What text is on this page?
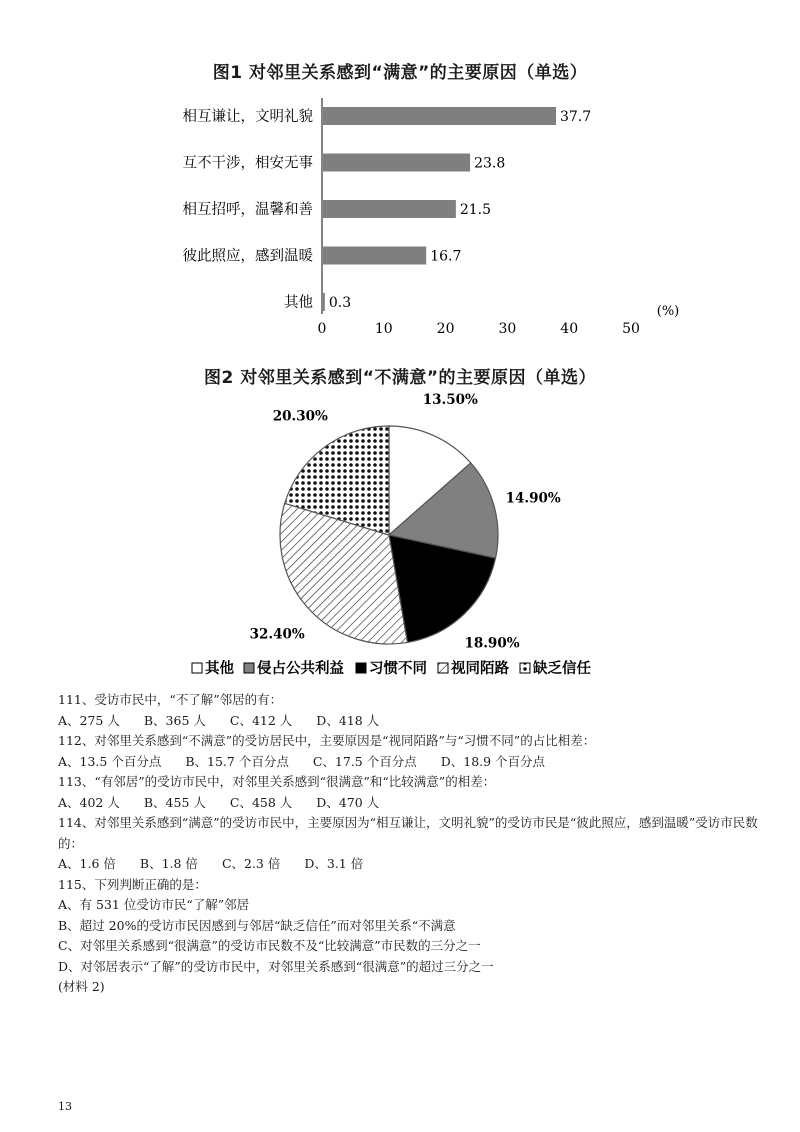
图1 对邻里关系感到“满意”的主要原因（单选）
相互谦让，文明礼貌	37.7
互不干涉，相安无事	23.8
相互招呼，温馨和善	21.5
彼此照应，感到温暖	16.7
其他 0.3
0	10	20	30	40	50
(%)
图2 对邻里关系感到“不满意”的主要原因（单选）
13.50%
14.90%
18.90%
32.40%
20.30%
其他 侵占公共利益 习惯不同 视同陌路 缺乏信任

111、受访市民中，“不了解”邻居的有：

A、275 人 B、365 人 C、412 人 D、418 人

112、对邻里关系感到“不满意”的受访居民中，主要原因是“视同陌路”与“习惯不同”的占比相差：

A、13.5 个百分点 B、15.7 个百分点 C、17.5 个百分点 D、18.9 个百分点

113、“有邻居”的受访市民中，对邻里关系感到“很满意”和“比较满意”的相差：

A、402 人 B、455 人 C、458 人 D、470 人

114、对邻里关系感到“满意”的受访市民中，主要原因为“相互谦让，文明礼貌”的受访市民是“彼此照应，感到温暖”受访市民数的：

A、1.6 倍 B、1.8 倍 C、2.3 倍 D、3.1 倍

115、下列判断正确的是：

A、有 531 位受访市民“了解”邻居

B、超过 20%的受访市民因感到与邻居“缺乏信任”而对邻里关系“不满意

C、对邻里关系感到“很满意”的受访市民数不及“比较满意”市民数的三分之一

D、对邻居表示“了解”的受访市民中，对邻里关系感到“很满意”的超过三分之一

(材料 2)

13
